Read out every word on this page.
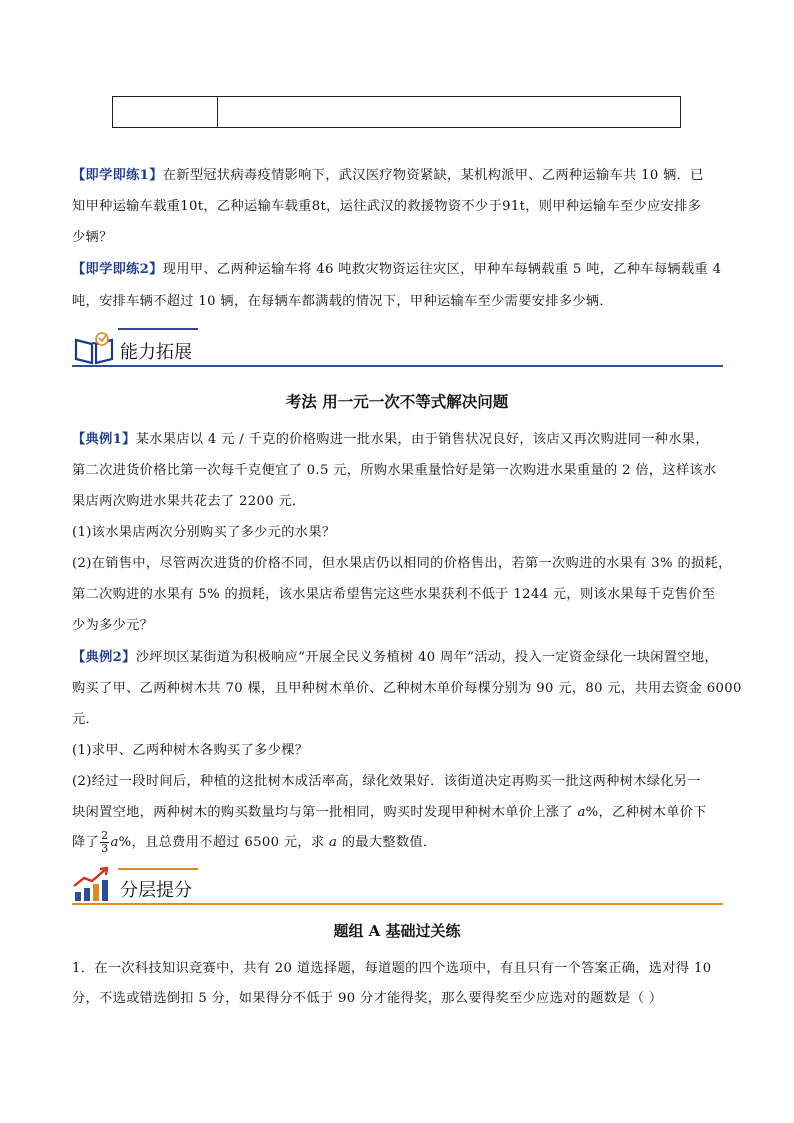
【即学即练1】在新型冠状病毒疫情影响下，武汉医疗物资紧缺，某机构派甲、乙两种运输车共 10 辆．已
知甲种运输车载重10t，乙种运输车载重8t，运往武汉的救援物资不少于91t，则甲种运输车至少应安排多
少辆？
【即学即练2】现用甲、乙两种运输车将 46 吨救灾物资运往灾区，甲种车每辆载重 5 吨，乙种车每辆载重 4
吨，安排车辆不超过 10 辆，在每辆车都满载的情况下，甲种运输车至少需要安排多少辆．
能力拓展
考法 用一元一次不等式解决问题
【典例1】某水果店以 4 元 / 千克的价格购进一批水果，由于销售状况良好，该店又再次购进同一种水果，
第二次进货价格比第一次每千克便宜了 0.5 元，所购水果重量恰好是第一次购进水果重量的 2 倍，这样该水
果店两次购进水果共花去了 2200 元．
(1)该水果店两次分别购买了多少元的水果？
(2)在销售中，尽管两次进货的价格不同，但水果店仍以相同的价格售出，若第一次购进的水果有 3% 的损耗，
第二次购进的水果有 5% 的损耗，该水果店希望售完这些水果获利不低于 1244 元，则该水果每千克售价至
少为多少元？
【典例2】沙坪坝区某街道为积极响应“开展全民义务植树 40 周年”活动，投入一定资金绿化一块闲置空地，
购买了甲、乙两种树木共 70 棵，且甲种树木单价、乙种树木单价每棵分别为 90 元，80 元，共用去资金 6000
元．
(1)求甲、乙两种树木各购买了多少棵？
(2)经过一段时间后，种植的这批树木成活率高，绿化效果好．该街道决定再购买一批这两种树木绿化另一
块闲置空地，两种树木的购买数量均与第一批相同，购买时发现甲种树木单价上涨了 a%，乙种树木单价下
降了 $\frac{2}{3} a\%$，且总费用不超过 6500 元，求 a 的最大整数值．
分层提分
题组 A 基础过关练
1．在一次科技知识竞赛中，共有 20 道选择题，每道题的四个选项中，有且只有一个答案正确，选对得 10
分，不选或错选倒扣 5 分，如果得分不低于 90 分才能得奖，那么要得奖至少应选对的题数是（ ）
